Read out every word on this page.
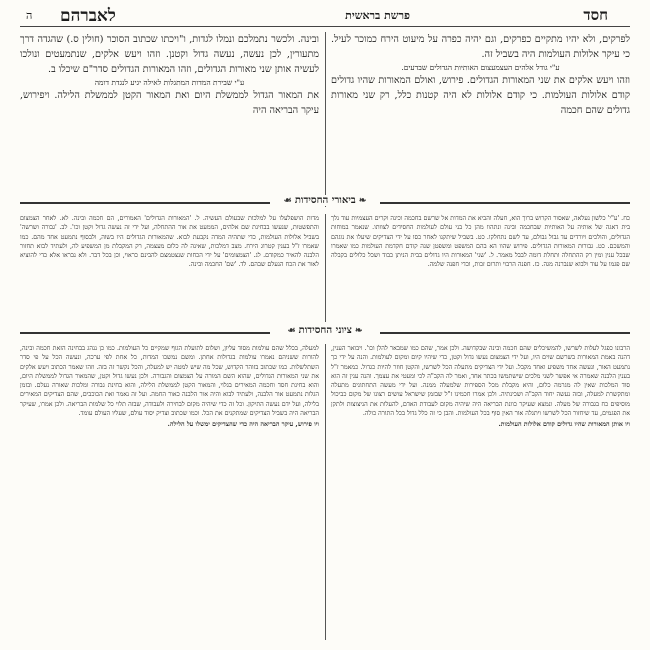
חסד
פרשת בראשית
לאברהם
ה

לפרקים, ולא יהיו מתקיים כפרקים, וגם יהיה כפרה על מיעוט הירח כמוכר לעיל. כי עיקר אלולות העולמות היה בשביל זה.

ע"י גודל אלהים העצמעצום האותיות הגדולים שבדעים.

וזהו ויעש אלקים את שני המאורות הגדולים. פירוש, ואולם המאורות שהיו גדולים קודם אלולות העולמות. כי קודם אלולות לא היה קטנות כלל, רק שני מאורות גדולים שהם חכמה

ובינה. ולכשר נתמלכם ונמלו לגדות, ו"ויכתו שכתוב הסוכר (חולין ס.) שהגדה דרך מתעורין, לכן נעשה, נעשה גדול וקטנן. וזהו ויעש אלקים, שנתמעטים ונולכו לעשיה אותן שני מאורות הגדולים, וזהו המאורות הגדולים סדר"ם שיכלו ב.

ע"י שבירת המדות המתגלות לאילה יגיע לנגדת דומה

את המאור הגדול לממשלת היום ואת המאור הקטן לממשלת הלילה. ויפירוש, עיקר הבריאה היה

❧ ביאורי החסידות ☙

כח. 'ע"י' כלשון נעלאה, שאסור הקרוש ברוך הוא, חעלה והביא את המדות אל שרשם בחכמה וכינה וקרים העצמיות עוד נלך בית דאגה של אותיה על האותיות שבחכמה ובינה ונתהוו מהן כל בני עולם לעולמות החסידים לצוותו. שנאמר במוחות הגדולים, והולכים ויורדים עד גבול גבולם, עד לשם נתחלקו. כט. בשביל שיתקנו לאחר כסו על ידי הצדיקים שיעלו את נוגהם והמשכם. כט. גבורות המאורות הגדולים. פירוש שהוו הא בהם המשפט ומשפטן שנה קודם חקדמת העולמות כמו שאמרו שבכל ענין ומין רק ההתחלה ותחלת דומה לבבל מאמר. ל. 'שני' המאורות היו גדולים בבית הניתן כבוד ושכל כלולים בקבלה שם פגמו על עוד ולבוא שנברנה מגה. כז. חפנה הרבוי ותרום זכות, וכדי חפנה שלמה.

מדות הושפלעלו על למלכות שבעולם העשיה. ל. 'המאורות הגדולים' האמורים, הם חכמה ובינה. לא. לאחר הצמצום והתפשטות, שנעשו בבחינת שם אלהים, הממעט את אור ההתחלה, ועל ידי זה נעשה גדול וקטן וכו'. לב. 'גבורה ושרשה' בשביל אלולות העולמות, כדי שתהיה המדה נקבעת לבוא. שהמאורות הגדולים היו בשוה, ולבסוף נתמעט אחד מהם. כמו שאמרו ז"ל בענין קטרוג הירח. מצב דמלכות, שאינה לה כלום מעצמה, רק המקבלת מן המשפיע לה, ולעתיד לבוא תחזור הלבנה להאיר כמקודם. לג. 'הצמצומים' על ידי הכחות שנצטמצם להבינם כראוי, וכן בכל דבר. ולא נבראו אלא כדי להוציא לאור את הכח הנעלם שבהם. לד. 'שם' החכמה ובינה.

❧ ציוני החסידות ☙

הרבונו כפגל לעלות לשרשו, להמשיכלים שהם חכמה ובינה שבקדושה. ולכן אמר, שהם כמו שמבאר להלן וכו'. ויבואר הענין, דהנה באמת המאורות בשרשם שוים היו, ועל ידי הצמצום נעשו גדול וקטן, כדי שיהיו קיום ומקום לעולמות. והנה על ידי כך נתמעט האור, ונעשה אחד משפיע ואחד מקבל. ועל ידי הצדיקים מתעלה הכל לשרשו, והקטן חוזר להיות כגדול. כמאמר ז"ל בענין הלבנה שאמרה אי אפשר לשני מלכים שישתמשו בכתר אחד, ואמר לה הקב"ה לכי ומעטי את עצמך. והנה ענין זה הוא סוד המלכות שאין לה מגרמה כלום, והיא מקבלת מכל הספירות שלמעלה ממנה. ועל ידי מעשה התחתונים מתעלה ומתקשרת למעלה, ובזה נעשה יחוד הקב"ה ושכינתיה. ולכן אמרו חכמינו ז"ל שבזמן שישראל עושים רצונו של מקום כביכול מוסיפים כח בגבורה של מעלה. ונמצא שעיקר כוונת הבריאה היה שיהיה מקום לעבודת האדם, להעלות את הניצוצות ולתקן את הפגמים, עד שיחזור הכל לשרשו ויתגלה אור האין סוף בכל העולמות. והבן כי זה כלל גדול בכל התורה כולה.

ויו אותן המאורות שהיו גדולים קודם אלולות העולמות.

למעלה, בכלל שהם עולמות מסוד עליון, ושלום לתועלת הגוף שמקיים כל העולמות. כמו כן ננהג בבחינה הזאת חכמה ובינה, להורות ששניהם נאמרו עולמות בגדולות אחתן. ומשם נמשכו המדות, כל אחת לפי ערכה, ונעשה הכל על פי סדר השתלשלות. כמו שכתוב בזוהר הקדוש, שכל מה שיש למטה יש למעלה, והכל נקשר זה בזה. וזהו שאמר הכתוב ויעש אלקים את שני המאורות הגדולים, שהוא השם המורה על הצמצום והגבורה. ולכן נעשו גדול וקטן, שהמאור הגדול לממשלת היום, והוא בחינת חסד וחכמה המאירים בגלוי, והמאור הקטן לממשלת הלילה, והוא בחינת גבורה ומלכות שאורה נעלם. ובזמן הגלות נתמעט אור הלבנה, ולעתיד לבוא והיה אור הלבנה כאור החמה. ועל זה נאמר ואת הכוכבים, שהם הצדיקים המאירים בלילה, ועל ידם נעשה התיקון. וכל זה כדי שיהיה מקום לבחירה ולעבודה, שבזה תלוי כל שלמות הבריאה. ולכן אמרו, שעיקר הבריאה היה בשביל הצדיקים שמתקנים את הכל. וכמו שכתוב וצדיק יסוד עולם, שעליו העולם עומד.

ויו פירוש, עיקר הבריאה היה כדי שהצדיקים ימשלו על הלילה.
